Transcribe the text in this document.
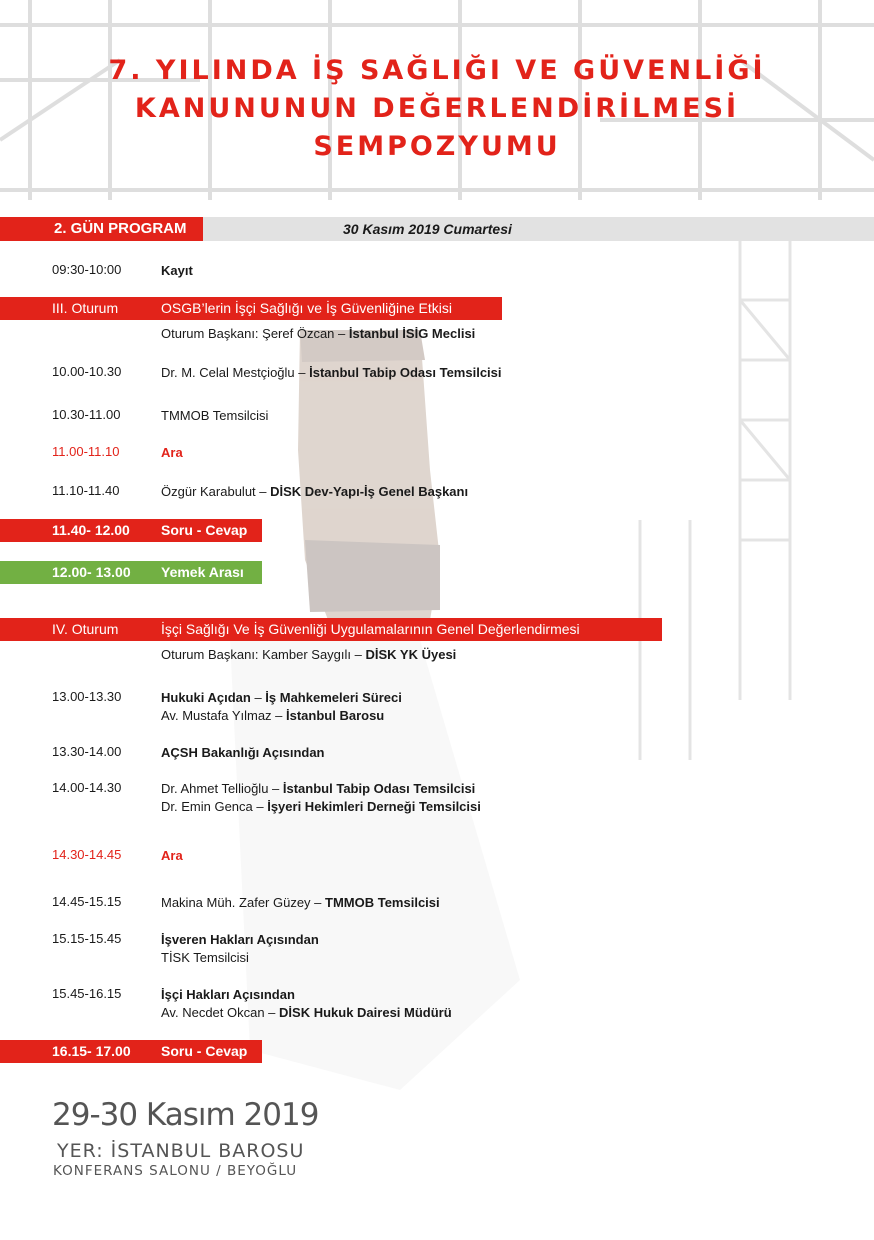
7. YILINDA İŞ SAĞLIĞI VE GÜVENLİĞİ
KANUNUNUN DEĞERLENDİRİLMESİ
SEMPOZYUMU
2. GÜN PROGRAM	30 Kasım 2019 Cumartesi
09:30-10:00	Kayıt
III. Oturum	OSGB’lerin İşçi Sağlığı ve İş Güvenliğine Etkisi
Oturum Başkanı: Şeref Özcan – İstanbul İSİG Meclisi
10.00-10.30	Dr. M. Celal Mestçioğlu – İstanbul Tabip Odası Temsilcisi
10.30-11.00	TMMOB Temsilcisi
11.00-11.10	Ara
11.10-11.40	Özgür Karabulut – DİSK Dev-Yapı-İş Genel Başkanı
11.40- 12.00 Soru - Cevap
12.00- 13.00 Yemek Arası
IV. Oturum	İşçi Sağlığı Ve İş Güvenliği Uygulamalarının Genel Değerlendirmesi
Oturum Başkanı: Kamber Saygılı – DİSK YK Üyesi
13.00-13.30	Hukuki Açıdan – İş Mahkemeleri Süreci
Av. Mustafa Yılmaz – İstanbul Barosu
13.30-14.00	AÇSH Bakanlığı Açısından
14.00-14.30	Dr. Ahmet Tellioğlu – İstanbul Tabip Odası Temsilcisi
Dr. Emin Genca – İşyeri Hekimleri Derneği Temsilcisi
14.30-14.45	Ara
14.45-15.15	Makina Müh. Zafer Güzey – TMMOB Temsilcisi
15.15-15.45	İşveren Hakları Açısından
TİSK Temsilcisi
15.45-16.15	İşçi Hakları Açısından
Av. Necdet Okcan – DİSK Hukuk Dairesi Müdürü
16.15- 17.00 Soru - Cevap
29-30 Kasım 2019
YER: İSTANBUL BAROSU
KONFERANS SALONU / BEYOĞLU
